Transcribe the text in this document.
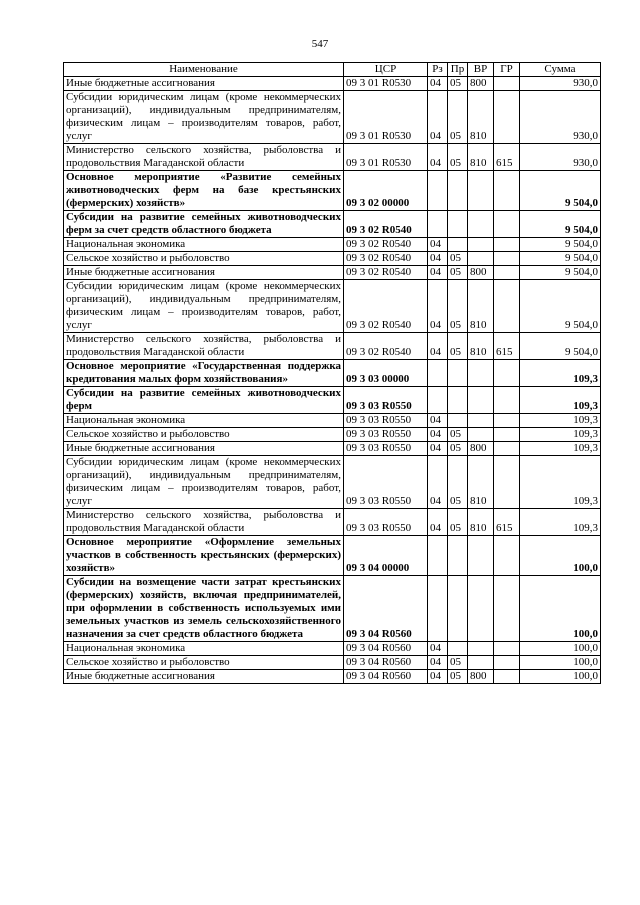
547
Наименование	ЦСР	Рз	Пр	ВР	ГР	Сумма
Иные бюджетные ассигнования	09 3 01 R0530	04	05	800		930,0
Субсидии юридическим лицам (кроме некоммерческих организаций), индивидуальным предпринимателям, физическим лицам – производителям товаров, работ, услуг	09 3 01 R0530	04	05	810		930,0
Министерство сельского хозяйства, рыболовства и продовольствия Магаданской области	09 3 01 R0530	04	05	810	615	930,0
Основное мероприятие «Развитие семейных животноводческих ферм на базе крестьянских (фермерских) хозяйств»	09 3 02 00000					9 504,0
Субсидии на развитие семейных животноводческих ферм за счет средств областного бюджета	09 3 02 R0540					9 504,0
Национальная экономика	09 3 02 R0540	04				9 504,0
Сельское хозяйство и рыболовство	09 3 02 R0540	04	05			9 504,0
Иные бюджетные ассигнования	09 3 02 R0540	04	05	800		9 504,0
Субсидии юридическим лицам (кроме некоммерческих организаций), индивидуальным предпринимателям, физическим лицам – производителям товаров, работ, услуг	09 3 02 R0540	04	05	810		9 504,0
Министерство сельского хозяйства, рыболовства и продовольствия Магаданской области	09 3 02 R0540	04	05	810	615	9 504,0
Основное мероприятие «Государственная поддержка кредитования малых форм хозяйствования»	09 3 03 00000					109,3
Субсидии на развитие семейных животноводческих ферм	09 3 03 R0550					109,3
Национальная экономика	09 3 03 R0550	04				109,3
Сельское хозяйство и рыболовство	09 3 03 R0550	04	05			109,3
Иные бюджетные ассигнования	09 3 03 R0550	04	05	800		109,3
Субсидии юридическим лицам (кроме некоммерческих организаций), индивидуальным предпринимателям, физическим лицам – производителям товаров, работ, услуг	09 3 03 R0550	04	05	810		109,3
Министерство сельского хозяйства, рыболовства и продовольствия Магаданской области	09 3 03 R0550	04	05	810	615	109,3
Основное мероприятие «Оформление земельных участков в собственность крестьянских (фермерских) хозяйств»	09 3 04 00000					100,0
Субсидии на возмещение части затрат крестьянских (фермерских) хозяйств, включая предпринимателей, при оформлении в собственность используемых ими земельных участков из земель сельскохозяйственного назначения за счет средств областного бюджета	09 3 04 R0560					100,0
Национальная экономика	09 3 04 R0560	04				100,0
Сельское хозяйство и рыболовство	09 3 04 R0560	04	05			100,0
Иные бюджетные ассигнования	09 3 04 R0560	04	05	800		100,0
